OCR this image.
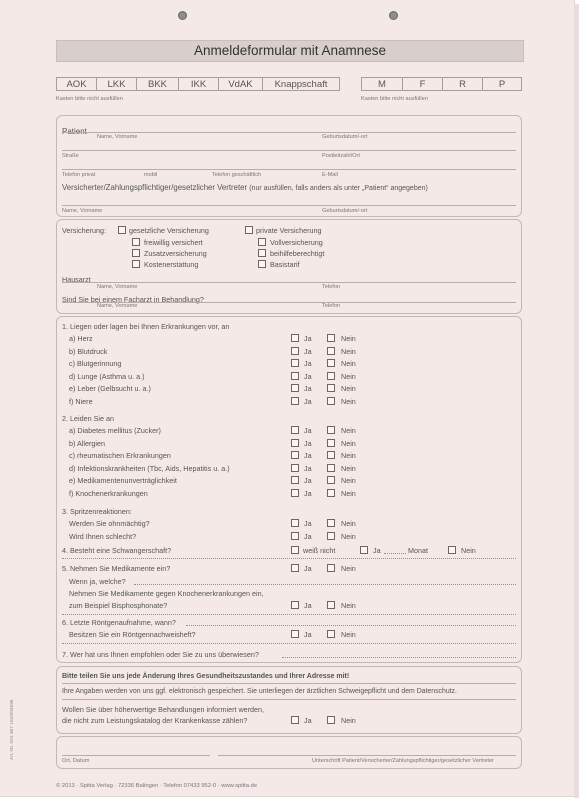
Anmeldeformular mit Anamnese
AOK	LKK	BKK	IKK	VdAK	Knappschaft
Kasten bitte nicht ausfüllen
M	F	R	P
Kasten bitte nicht ausfüllen
Patient
Name, Vorname	Geburtsdatum/-ort
Straße	Postleitzahl/Ort
Telefon privat	mobil	Telefon geschäftlich	E-Mail
Versicherter/Zahlungspflichtiger/gesetzlicher Vertreter (nur ausfüllen, falls anders als unter „Patient“ angegeben)
Name, Vorname	Geburtsdatum/-ort
Versicherung:	gesetzliche Versicherung	private Versicherung
freiwillig versichert
Zusatzversicherung
Kostenerstattung
Vollversicherung
beihilfeberechtigt
Basistarif
Hausarzt
Name, Vorname	Telefon
Sind Sie bei einem Facharzt in Behandlung?
Name, Vorname	Telefon
1. Liegen oder lagen bei Ihnen Erkrankungen vor, an
a) Herz	Ja	Nein
b) Blutdruck	Ja	Nein
c) Blutgerinnung	Ja	Nein
d) Lunge (Asthma u. a.)	Ja	Nein
e) Leber (Gelbsucht u. a.)	Ja	Nein
f) Niere	Ja	Nein
2. Leiden Sie an
a) Diabetes mellitus (Zucker)	Ja	Nein
b) Allergien	Ja	Nein
c) rheumatischen Erkrankungen	Ja	Nein
d) Infektionskrankheiten (Tbc, Aids, Hepatitis u. a.)	Ja	Nein
e) Medikamentenunverträglichkeit	Ja	Nein
f) Knochenerkrankungen	Ja	Nein
3. Spritzenreaktionen:
Werden Sie ohnmächtig?	Ja	Nein
Wird Ihnen schlecht?	Ja	Nein
4. Besteht eine Schwangerschaft?	weiß nicht	Ja	Monat	Nein
5. Nehmen Sie Medikamente ein?	Ja	Nein
Wenn ja, welche?
Nehmen Sie Medikamente gegen Knochenerkrankungen ein,
zum Beispiel Bisphosphonate?	Ja	Nein
6. Letzte Röntgenaufnahme, wann?
Besitzen Sie ein Röntgennachweisheft?	Ja	Nein
7. Wer hat uns Ihnen empfohlen oder Sie zu uns überwiesen?
Bitte teilen Sie uns jede Änderung Ihres Gesundheitszustandes und Ihrer Adresse mit!
Ihre Angaben werden von uns ggf. elektronisch gespeichert. Sie unterliegen der ärztlichen Schweigepflicht und dem Datenschutz.
Wollen Sie über höherwertige Behandlungen informiert werden,
die nicht zum Leistungskatalog der Krankenkasse zählen?	Ja	Nein
Ort, Datum	Unterschrift Patient/Versicherter/Zahlungspflichtiger/gesetzlicher Vertreter
© 2013 · Spitta Verlag · 72336 Balingen · Telefon 07433 952-0 · www.spitta.de
Art.-Nr. 023 367 1020/04596
